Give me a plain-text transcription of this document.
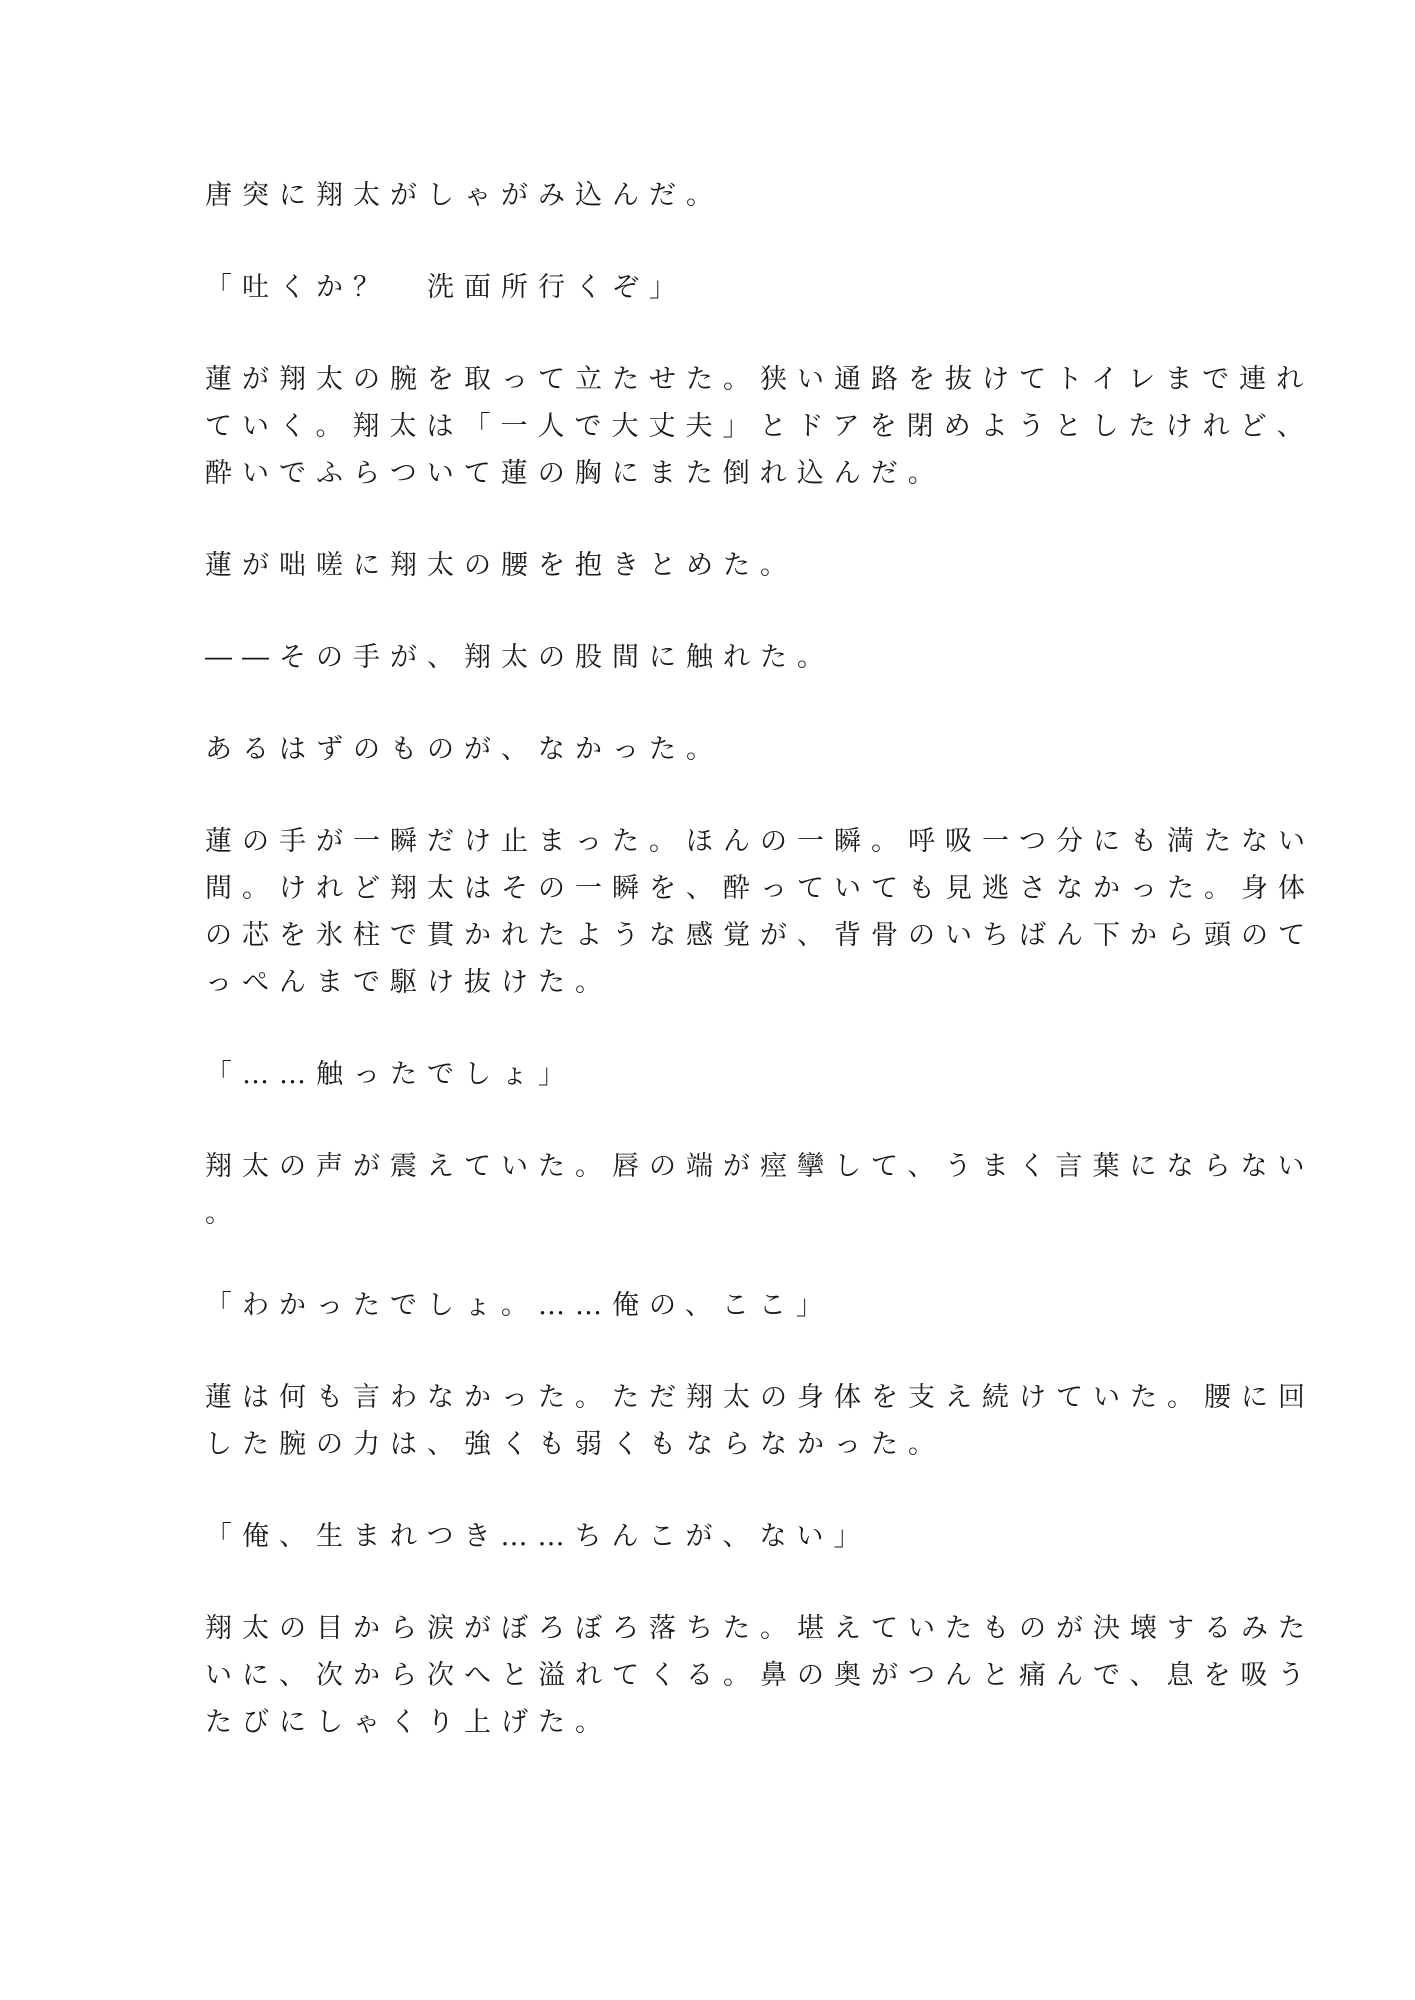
唐突に翔太がしゃがみ込んだ。
「吐くか？　洗面所行くぞ」
蓮が翔太の腕を取って立たせた。狭い通路を抜けてトイレまで連れ
ていく。翔太は「一人で大丈夫」とドアを閉めようとしたけれど、
酔いでふらついて蓮の胸にまた倒れ込んだ。
蓮が咄嗟に翔太の腰を抱きとめた。
――その手が、翔太の股間に触れた。
あるはずのものが、なかった。
蓮の手が一瞬だけ止まった。ほんの一瞬。呼吸一つ分にも満たない
間。けれど翔太はその一瞬を、酔っていても見逃さなかった。身体
の芯を氷柱で貫かれたような感覚が、背骨のいちばん下から頭のて
っぺんまで駆け抜けた。
「……触ったでしょ」
翔太の声が震えていた。唇の端が痙攣して、うまく言葉にならない
。
「わかったでしょ。……俺の、ここ」
蓮は何も言わなかった。ただ翔太の身体を支え続けていた。腰に回
した腕の力は、強くも弱くもならなかった。
「俺、生まれつき……ちんこが、ない」
翔太の目から涙がぼろぼろ落ちた。堪えていたものが決壊するみた
いに、次から次へと溢れてくる。鼻の奥がつんと痛んで、息を吸う
たびにしゃくり上げた。
